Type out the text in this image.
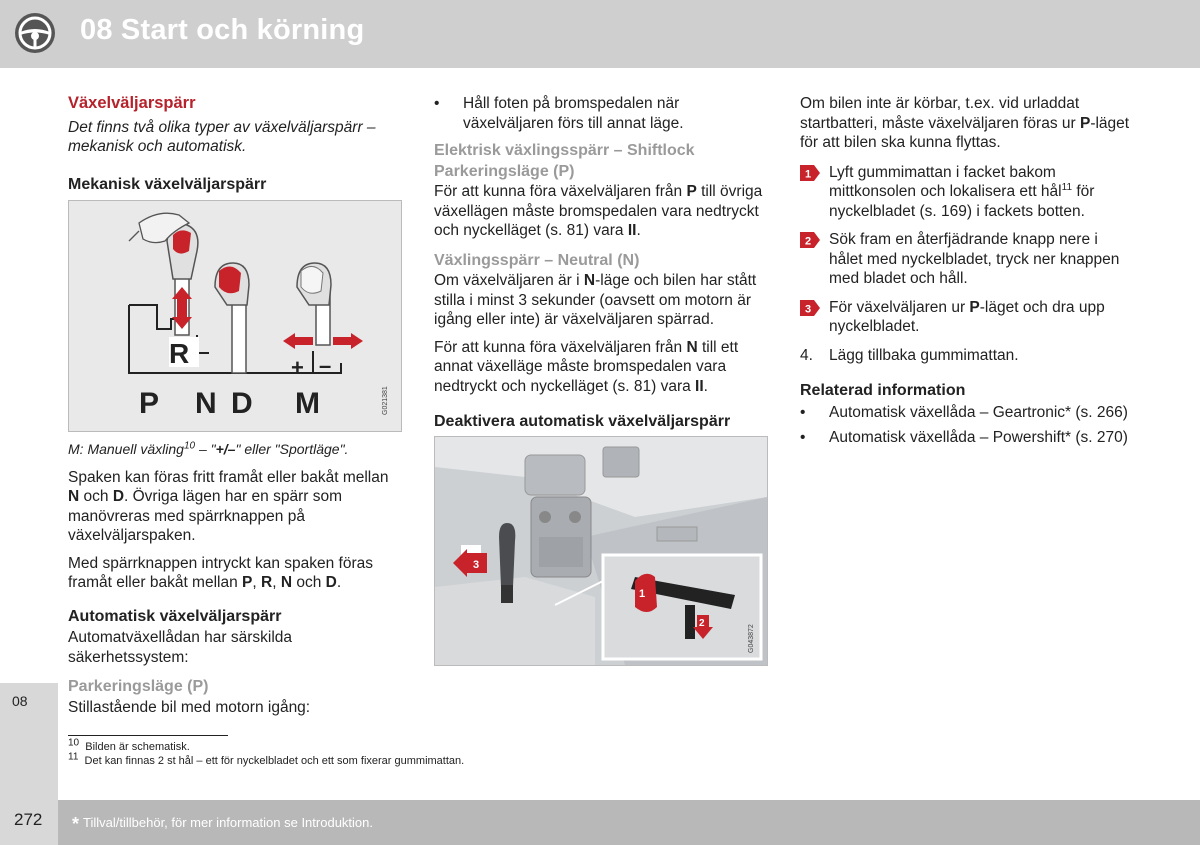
08 Start och körning
08
Växelväljarspärr

Det finns två olika typer av växelväljarspärr – mekanisk och automatisk.

Mekanisk växelväljarspärr
R	+ –
P N D M	G021381
M: Manuell växling$^{10}$ – "+/–" eller "Sportläge".

Spaken kan föras fritt framåt eller bakåt mellan N och D. Övriga lägen har en spärr som manövreras med spärrknappen på växelväljarspaken.

Med spärrknappen intryckt kan spaken föras framåt eller bakåt mellan P, R, N och D.

Automatisk växelväljarspärr

Automatväxellådan har särskilda säkerhetssystem:

Parkeringsläge (P)

Stillastående bil med motorn igång:

• Håll foten på bromspedalen när växelväljaren förs till annat läge.
Elektrisk växlingsspärr – Shiftlock
Parkeringsläge (P)

För att kunna föra växelväljaren från P till övriga växellägen måste bromspedalen vara nedtryckt och nyckelläget (s. 81) vara II.

Växlingsspärr – Neutral (N)

Om växelväljaren är i N-läge och bilen har stått stilla i minst 3 sekunder (oavsett om motorn är igång eller inte) är växelväljaren spärrad.

För att kunna föra växelväljaren från N till ett annat växelläge måste bromspedalen vara nedtryckt och nyckelläget (s. 81) vara II.

Deaktivera automatisk växelväljarspärr
3
1
2
G043872

Om bilen inte är körbar, t.ex. vid urladdat startbatteri, måste växelväljaren föras ur P-läget för att bilen ska kunna flyttas.

1 Lyft gummimattan i facket bakom mittkonsolen och lokalisera ett hål$^{11}$ för nyckelbladet (s. 169) i fackets botten.
2 Sök fram en återfjädrande knapp nere i hålet med nyckelbladet, tryck ner knappen med bladet och håll.
3 För växelväljaren ur P-läget och dra upp nyckelbladet.
4. Lägg tillbaka gummimattan.
Relaterad information
• Automatisk växellåda – Geartronic* (s. 266)
• Automatisk växellåda – Powershift* (s. 270)
$^{10}$ Bilden är schematisk.
$^{11}$ Det kan finnas 2 st hål – ett för nyckelbladet och ett som fixerar gummimattan.
272 * Tillval/tillbehör, för mer information se Introduktion.
